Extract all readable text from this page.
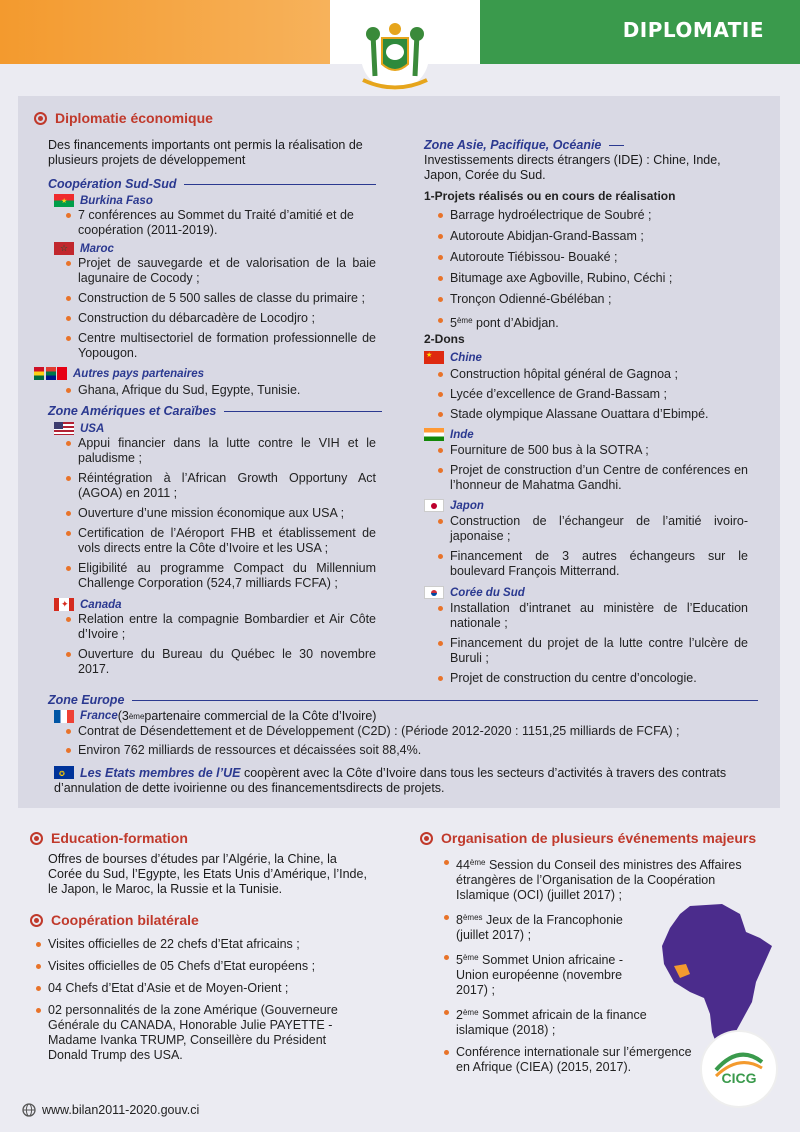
DIPLOMATIE
Diplomatie économique
Des financements importants ont permis la réalisation de plusieurs projets de développement
Coopération Sud-Sud
★ Burkina Faso
7 conférences au Sommet du Traité d’amitié et de coopération (2011-2019).
☆ Maroc
Projet de sauvegarde et de valorisation de la baie lagunaire de Cocody ;
Construction de 5 500 salles de classe du primaire ;
Construction du débarcadère de Locodjro ;
Centre multisectoriel de formation professionnelle de Yopougon.
Autres pays partenaires
Ghana, Afrique du Sud, Egypte, Tunisie.
Zone Amériques et Caraïbes
USA
Appui financier dans la lutte contre le VIH et le paludisme ;
Réintégration à l’African Growth Opportuny Act (AGOA) en 2011 ;
Ouverture d’une mission économique aux USA ;
Certification de l’Aéroport FHB et établissement de vols directs entre la Côte d’Ivoire et les USA ;
Eligibilité au programme Compact du Millennium Challenge Corporation (524,7 milliards FCFA) ;
✦ Canada
Relation entre la compagnie Bombardier et Air Côte d’Ivoire ;
Ouverture du Bureau du Québec le 30 novembre 2017.
Zone Asie, Pacifique, Océanie
Investissements directs étrangers (IDE) : Chine, Inde, Japon, Corée du Sud.
1-Projets réalisés ou en cours de réalisation
Barrage hydroélectrique de Soubré ;
Autoroute Abidjan-Grand-Bassam ;
Autoroute Tiébissou- Bouaké ;
Bitumage axe Agboville, Rubino, Céchi ;
Tronçon Odienné-Gbéléban ;
5ème pont d’Abidjan.
2-Dons
★ Chine
Construction hôpital général de Gagnoa ;
Lycée d’excellence de Grand-Bassam ;
Stade olympique Alassane Ouattara d’Ebimpé.
Inde
Fourniture de 500 bus à la SOTRA ;
Projet de construction d’un Centre de conférences en l’honneur de Mahatma Gandhi.
Japon
Construction de l’échangeur de l’amitié ivoiro-japonaise ;
Financement de 3 autres échangeurs sur le boulevard François Mitterrand.
Corée du Sud
Installation d’intranet au ministère de l’Education nationale ;
Financement du projet de la lutte contre l’ulcère de Buruli ;
Projet de construction du centre d’oncologie.
Zone Europe
France (3 ème partenaire commercial de la Côte d’Ivoire)
Contrat de Désendettement et de Développement (C2D) : (Période 2012-2020 : 1151,25 milliards de FCFA) ;
Environ 762 milliards de ressources et décaissées soit 88,4%.
✪ Les Etats membres de l’UE coopèrent avec la Côte d’Ivoire dans tous les secteurs d’activités à travers des contrats d’annulation de dette ivoirienne ou des financementsdirects de projets.
Education-formation
Offres de bourses d’études par l’Algérie, la Chine, la Corée du Sud, l’Egypte, les Etats Unis d’Amérique, l’Inde, le Japon, le Maroc, la Russie et la Tunisie.
Coopération bilatérale
Visites officielles de 22 chefs d’Etat africains ;
Visites officielles de 05 Chefs d’Etat européens ;
04 Chefs d’Etat d’Asie et de Moyen-Orient ;
02 personnalités de la zone Amérique (Gouverneure Générale du CANADA, Honorable Julie PAYETTE - Madame Ivanka TRUMP, Conseillère du Président Donald Trump des USA.
Organisation de plusieurs événements majeurs
44ème Session du Conseil des ministres des Affaires étrangères de l’Organisation de la Coopération Islamique (OCI) (juillet 2017) ;
8èmes Jeux de la Francophonie (juillet 2017) ;
5ème Sommet Union africaine - Union européenne (novembre 2017) ;
2ème Sommet africain de la finance islamique (2018) ;
Conférence internationale sur l’émergence en Afrique (CIEA) (2015, 2017).
CICG
www.bilan2011-2020.gouv.ci
